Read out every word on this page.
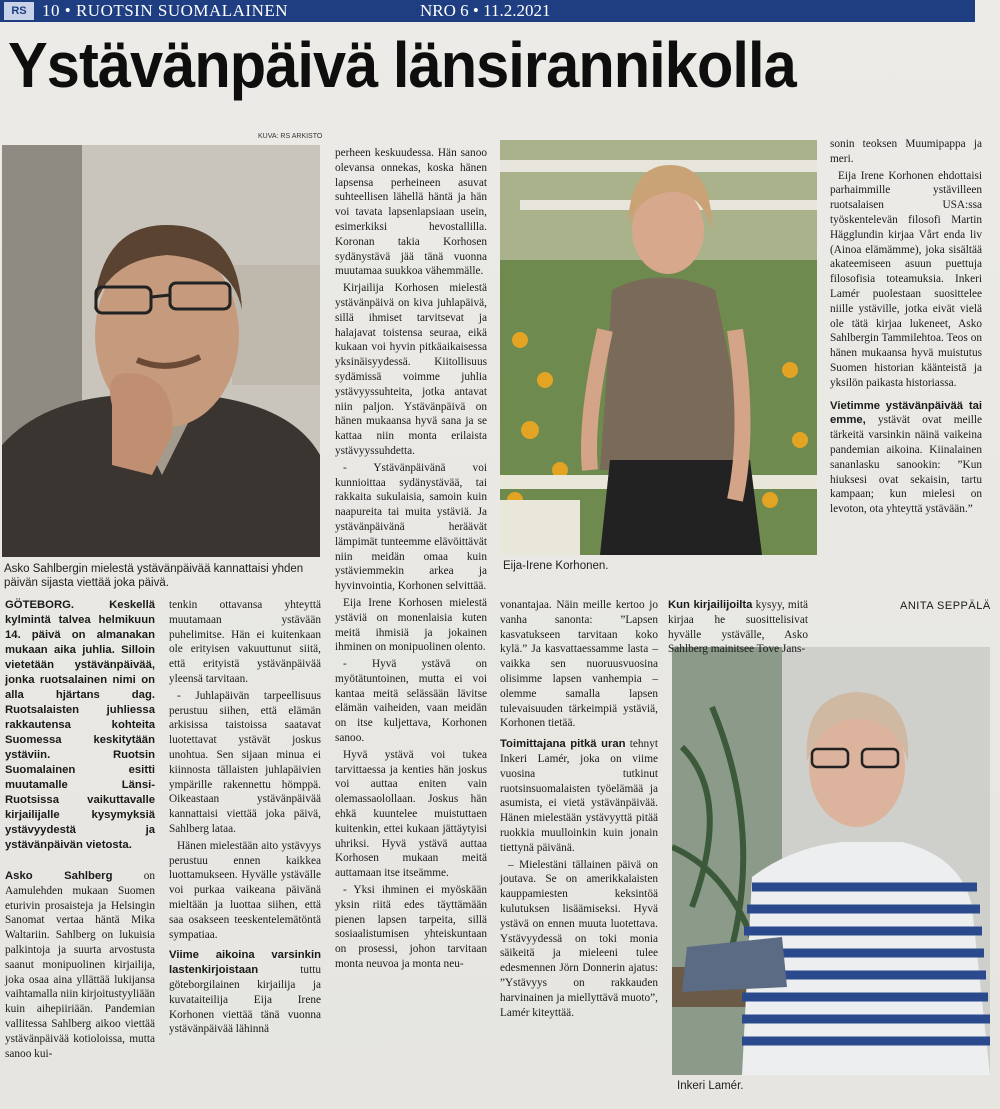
RS 10 • RUOTSIN SUOMALAINEN	NRO 6 • 11.2.2021
Ystävänpäivä länsirannikolla
KUVA: RS ARKISTO
Asko Sahlbergin mielestä ystävänpäivää kannattaisi yhden päivän sijasta viettää joka päivä.
Eija-Irene Korhonen.
Inkeri Lamér.
GÖTEBORG. Keskellä kylmintä talvea helmikuun 14. päivä on almanakan mukaan aika juhlia. Silloin vietetään ystävänpäivää, jonka ruotsalainen nimi on alla hjärtans dag. Ruotsalaisten juhliessa rakkautensa kohteita Suomessa keskitytään ystäviin. Ruotsin Suomalainen esitti muutamalle Länsi-Ruotsissa vaikuttavalle kirjailijalle kysymyksiä ystävyydestä ja ystävänpäivän vietosta.

Asko Sahlberg on Aamulehden mukaan Suomen eturivin prosaisteja ja Helsingin Sanomat vertaa häntä Mika Waltariin. Sahlberg on lukuisia palkintoja ja suurta arvostusta saanut monipuolinen kirjailija, joka osaa aina yllättää lukijansa vaihtamalla niin kirjoitustyyliään kuin aihepiiriään. Pandemian vallitessa Sahlberg aikoo viettää ystävänpäivää kotioloissa, mutta sanoo kui-

tenkin ottavansa yhteyttä muutamaan ystävään puhelimitse. Hän ei kuitenkaan ole erityisen vakuuttunut siitä, että erityistä ystävänpäivää yleensä tarvitaan.

- Juhlapäivän tarpeellisuus perustuu siihen, että elämän arkisissa taistoissa saatavat luotettavat ystävät joskus unohtua. Sen sijaan minua ei kiinnosta tällaisten juhlapäivien ympärille rakennettu hömppä. Oikeastaan ystävänpäivää kannattaisi viettää joka päivä, Sahlberg lataa.

Hänen mielestään aito ystävyys perustuu ennen kaikkea luottamukseen. Hyvälle ystävälle voi purkaa vaikeana päivänä mieltään ja luottaa siihen, että saa osakseen teeskentelemätöntä sympatiaa.

Viime aikoina varsinkin lastenkirjoistaan tuttu göteborgilainen kirjailija ja kuvataiteilija Eija Irene Korhonen viettää tänä vuonna ystävänpäivää lähinnä

perheen keskuudessa. Hän sanoo olevansa onnekas, koska hänen lapsensa perheineen asuvat suhteellisen lähellä häntä ja hän voi tavata lapsenlapsiaan usein, esimerkiksi hevostallilla. Koronan takia Korhosen sydänystävä jää tänä vuonna muutamaa suukkoa vähemmälle.

Kirjailija Korhosen mielestä ystävänpäivä on kiva juhlapäivä, sillä ihmiset tarvitsevat ja halajavat toistensa seuraa, eikä kukaan voi hyvin pitkäaikaisessa yksinäisyydessä. Kiitollisuus sydämissä voimme juhlia ystävyyssuhteita, jotka antavat niin paljon. Ystävänpäivä on hänen mukaansa hyvä sana ja se kattaa niin monta erilaista ystävyyssuhdetta.

- Ystävänpäivänä voi kunnioittaa sydänystävää, tai rakkaita sukulaisia, samoin kuin naapureita tai muita ystäviä. Ja ystävänpäivänä heräävät lämpimät tunteemme elävöittävät niin meidän omaa kuin ystäviemmekin arkea ja hyvinvointia, Korhonen selvittää.

Eija Irene Korhosen mielestä ystäviä on monenlaisia kuten meitä ihmisiä ja jokainen ihminen on monipuolinen olento.

- Hyvä ystävä on myötätuntoinen, mutta ei voi kantaa meitä selässään lävitse elämän vaiheiden, vaan meidän on itse kuljettava, Korhonen sanoo.

Hyvä ystävä voi tukea tarvittaessa ja kenties hän joskus voi auttaa eniten vain olemassaolollaan. Joskus hän ehkä kuuntelee muistuttaen kuitenkin, ettei kukaan jättäytyisi uhriksi. Hyvä ystävä auttaa Korhosen mukaan meitä auttamaan itse itseämme.

- Yksi ihminen ei myöskään yksin riitä edes täyttämään pienen lapsen tarpeita, sillä sosiaalistumisen yhteiskuntaan on prosessi, johon tarvitaan monta neuvoa ja monta neu-

vonantajaa. Näin meille kertoo jo vanha sanonta: ”Lapsen kasvatukseen tarvitaan koko kylä.” Ja kasvattaessamme lasta – vaikka sen nuoruusvuosina olisimme lapsen vanhempia – olemme samalla lapsen tulevaisuuden tärkeimpiä ystäviä, Korhonen tietää.

Toimittajana pitkä uran tehnyt Inkeri Lamér, joka on viime vuosina tutkinut ruotsinsuomalaisten työelämää ja asumista, ei vietä ystävänpäivää. Hänen mielestään ystävyyttä pitää ruokkia muulloinkin kuin jonain tiettynä päivänä.

– Mielestäni tällainen päivä on joutava. Se on amerikkalaisten kauppamiesten keksintöä kulutuksen lisäämiseksi. Hyvä ystävä on ennen muuta luotettava. Ystävyydessä on toki monia säikeitä ja mieleeni tulee edesmennen Jörn Donnerin ajatus: ”Ystävyys on rakkauden harvinainen ja miellyttävä muoto”, Lamér kiteyttää.

Kun kirjailijoilta kysyy, mitä kirjaa he suosittelisivat hyvälle ystävälle, Asko Sahlberg mainitsee Tove Jans-

sonin teoksen Muumipappa ja meri.

Eija Irene Korhonen ehdottaisi parhaimmille ystävilleen ruotsalaisen USA:ssa työskentelevän filosofi Martin Hägglundin kirjaa Vårt enda liv (Ainoa elämämme), joka sisältää akateemiseen asuun puettuja filosofisia toteamuksia. Inkeri Lamér puolestaan suosittelee niille ystäville, jotka eivät vielä ole tätä kirjaa lukeneet, Asko Sahlbergin Tammilehtoa. Teos on hänen mukaansa hyvä muistutus Suomen historian käänteistä ja yksilön paikasta historiassa.

Vietimme ystävänpäivää tai emme, ystävät ovat meille tärkeitä varsinkin näinä vaikeina pandemian aikoina. Kiinalainen sananlasku sanookin: ”Kun hiuksesi ovat sekaisin, tartu kampaan; kun mielesi on levoton, ota yhteyttä ystävään.”

ANITA SEPPÄLÄ
